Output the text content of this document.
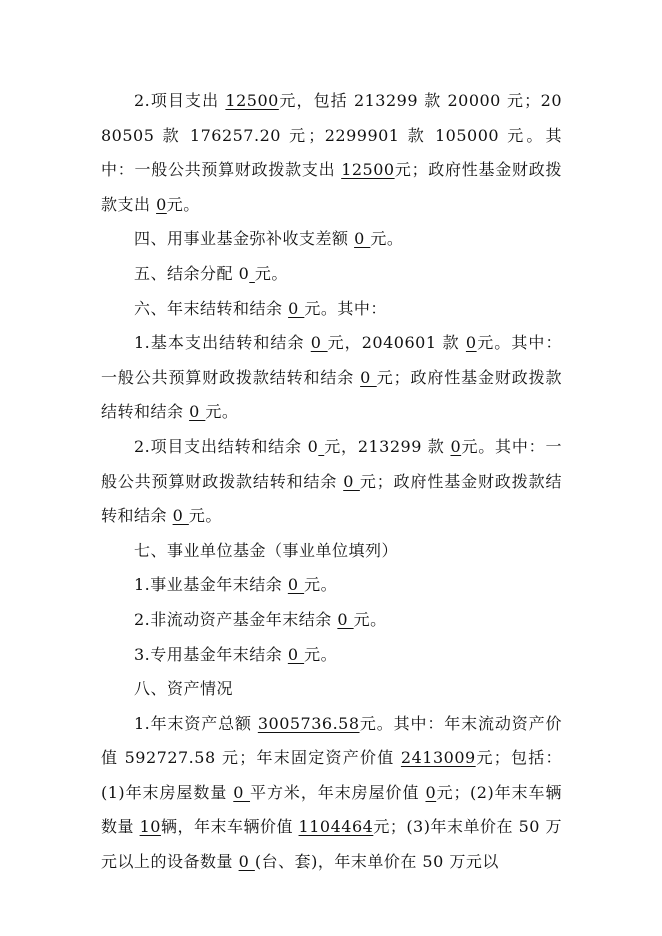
2.项目支出 12500元，包括 213299 款 20000 元；2080505 款 176257.20 元；2299901 款 105000 元。其中：一般公共预算财政拨款支出 12500元；政府性基金财政拨款支出 0元。

四、用事业基金弥补收支差额 0 元。

五、结余分配 0 元。

六、年末结转和结余 0 元。其中：

1.基本支出结转和结余 0 元，2040601 款 0元。其中：一般公共预算财政拨款结转和结余 0 元；政府性基金财政拨款结转和结余 0 元。

2.项目支出结转和结余 0 元，213299 款 0元。其中：一般公共预算财政拨款结转和结余 0 元；政府性基金财政拨款结转和结余 0 元。

七、事业单位基金（事业单位填列）

1.事业基金年末结余 0 元。

2.非流动资产基金年末结余 0 元。

3.专用基金年末结余 0 元。

八、资产情况

1.年末资产总额 3005736.58元。其中：年末流动资产价值 592727.58 元；年末固定资产价值 2413009元；包括：(1)年末房屋数量 0 平方米，年末房屋价值 0元；(2)年末车辆数量 10辆，年末车辆价值 1104464元；(3)年末单价在 50 万元以上的设备数量 0 (台、套)，年末单价在 50 万元以
